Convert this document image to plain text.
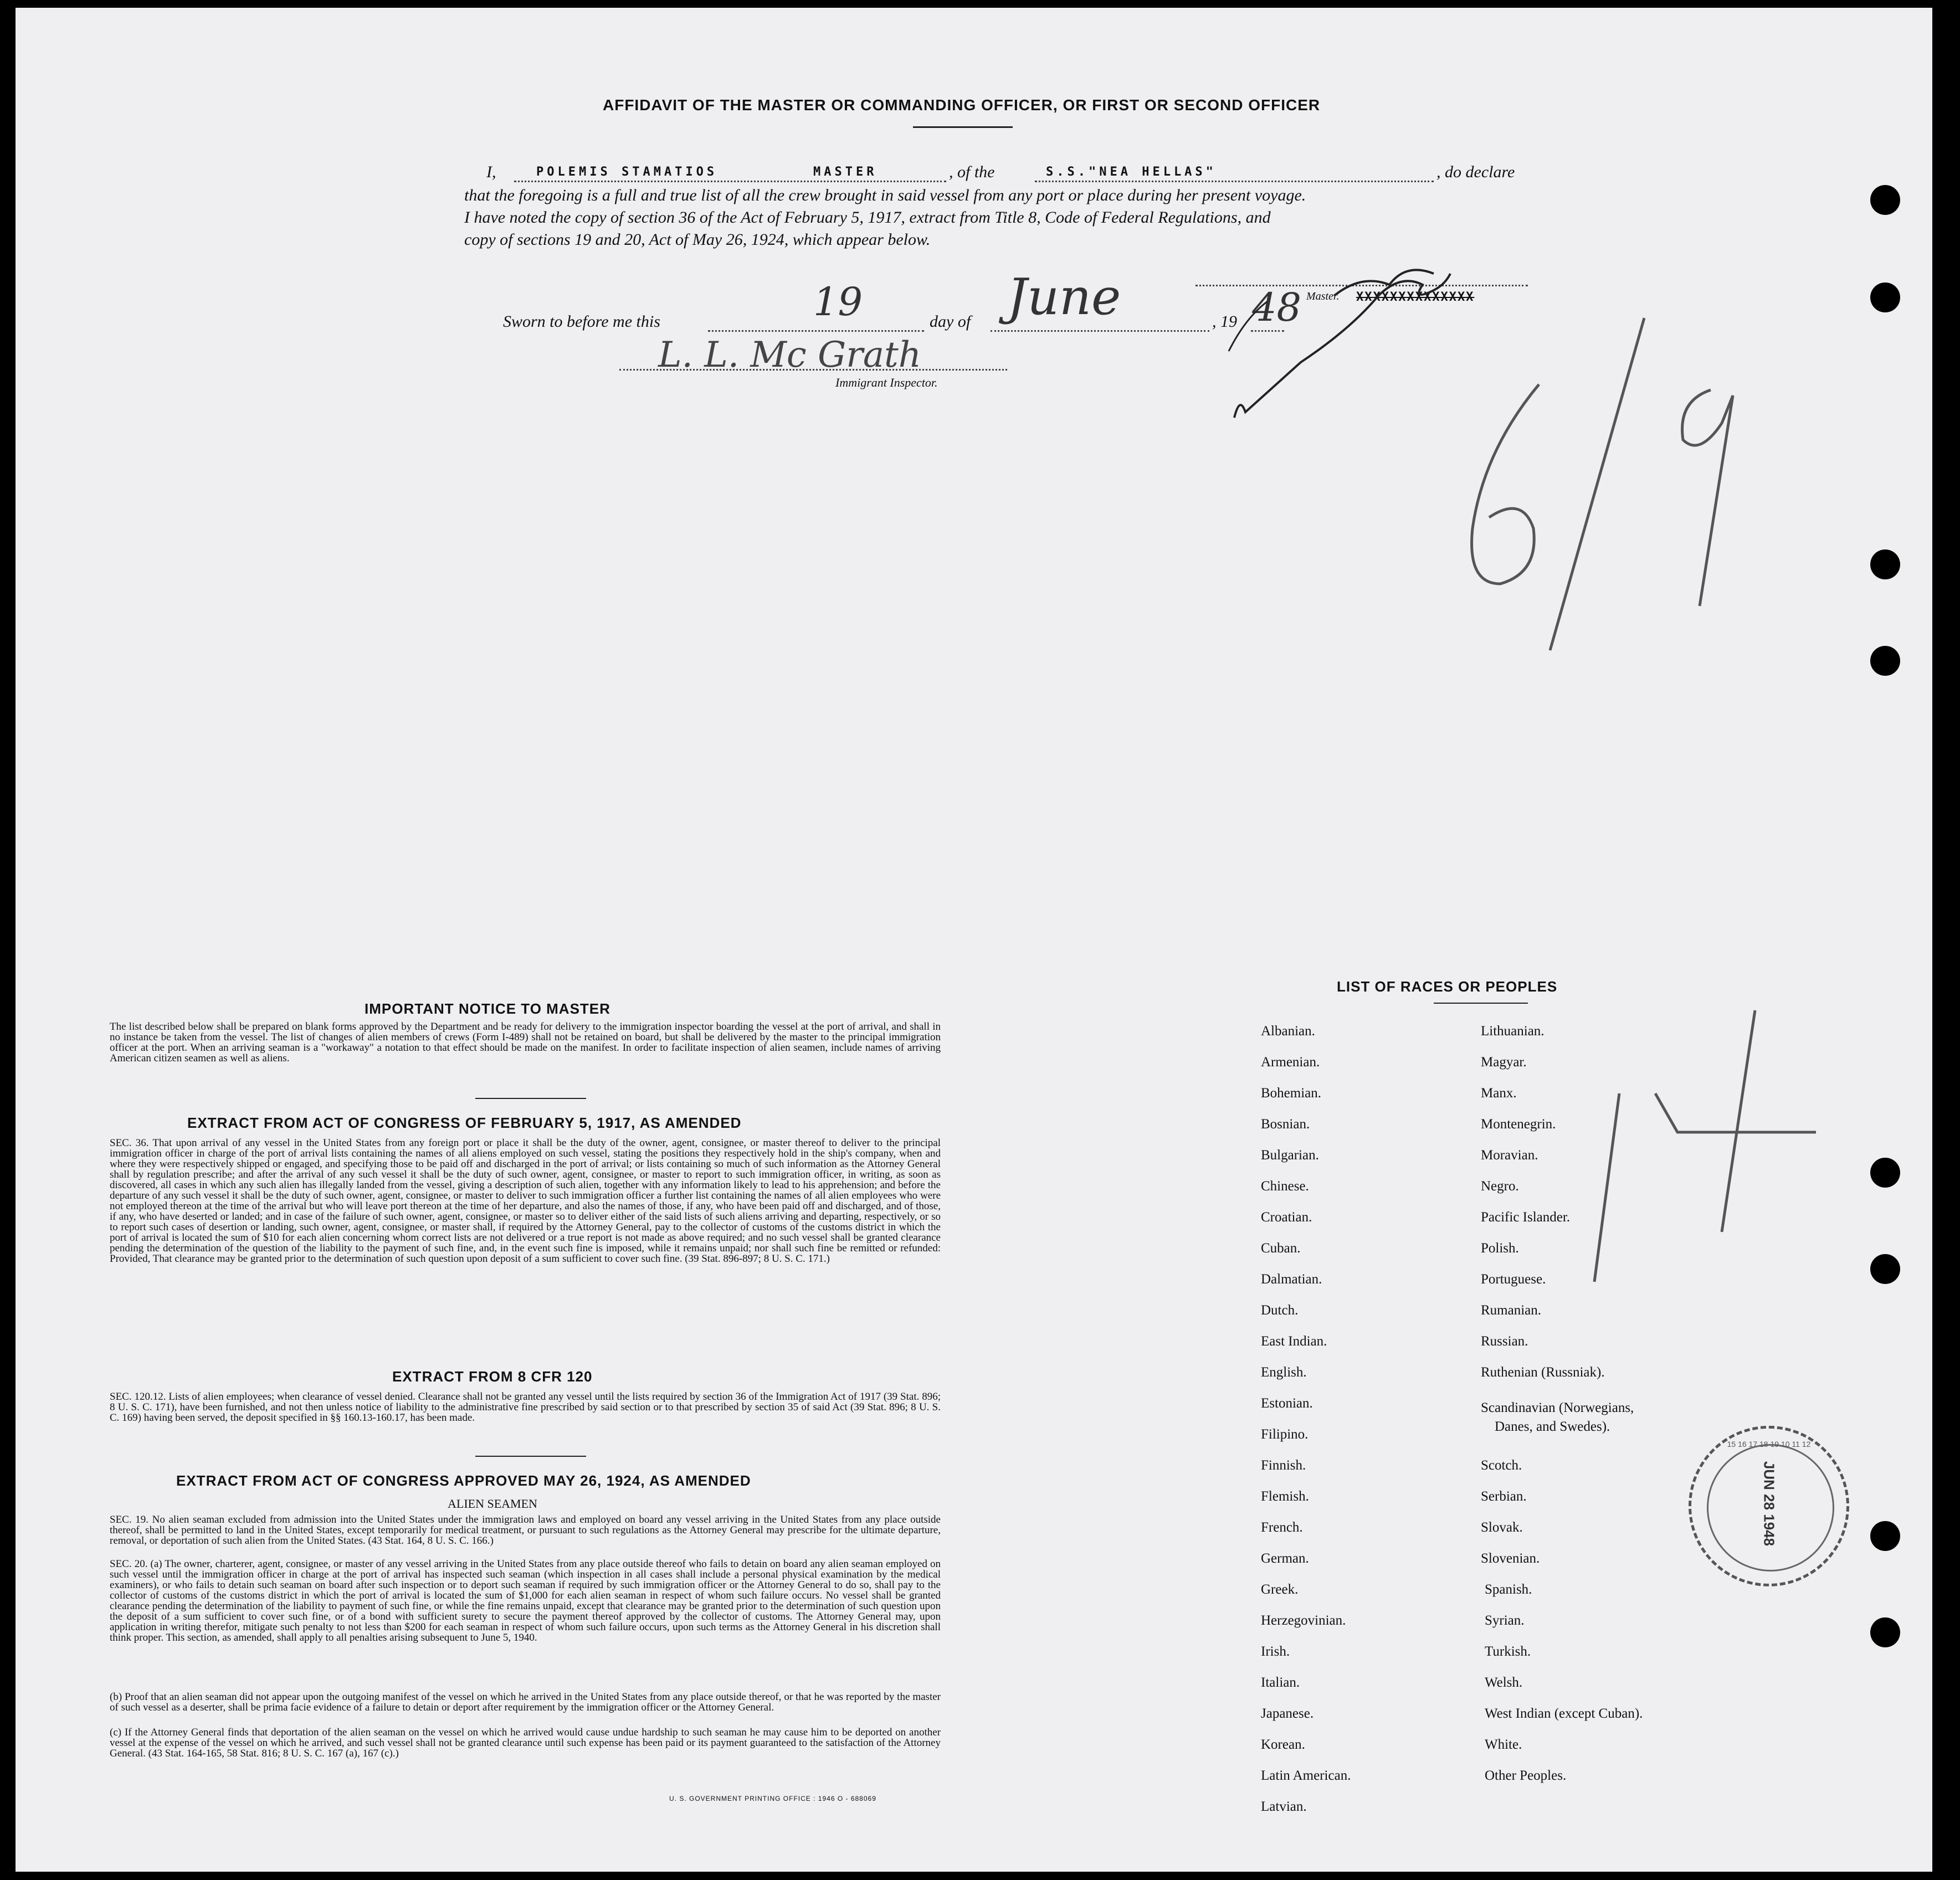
AFFIDAVIT OF THE MASTER OR COMMANDING OFFICER, OR FIRST OR SECOND OFFICER
I,	POLEMIS STAMATIOS	MASTER	, of the	S.S."NEA HELLAS"	, do declare
that the foregoing is a full and true list of all the crew brought in said vessel from any port or place during her present voyage.
I have noted the copy of section 36 of the Act of February 5, 1917, extract from Title 8, Code of Federal Regulations, and
copy of sections 19 and 20, Act of May 26, 1924, which appear below.
Sworn to before me this	19	day of June	, 19 48 Master. XXXXXXXXXXXXXX
L. L. Mc Grath
Immigrant Inspector.
IMPORTANT NOTICE TO MASTER
The list described below shall be prepared on blank forms approved by the Department and be ready for delivery to the immigration inspector boarding the vessel at the port of arrival, and shall in no instance be taken from the vessel. The list of changes of alien members of crews (Form I-489) shall not be retained on board, but shall be delivered by the master to the principal immigration officer at the port. When an arriving seaman is a "workaway" a notation to that effect should be made on the manifest. In order to facilitate inspection of alien seamen, include names of arriving American citizen seamen as well as aliens.
EXTRACT FROM ACT OF CONGRESS OF FEBRUARY 5, 1917, AS AMENDED
SEC. 36. That upon arrival of any vessel in the United States from any foreign port or place it shall be the duty of the owner, agent, consignee, or master thereof to deliver to the principal immigration officer in charge of the port of arrival lists containing the names of all aliens employed on such vessel, stating the positions they respectively hold in the ship's company, when and where they were respectively shipped or engaged, and specifying those to be paid off and discharged in the port of arrival; or lists containing so much of such information as the Attorney General shall by regulation prescribe; and after the arrival of any such vessel it shall be the duty of such owner, agent, consignee, or master to report to such immigration officer, in writing, as soon as discovered, all cases in which any such alien has illegally landed from the vessel, giving a description of such alien, together with any information likely to lead to his apprehension; and before the departure of any such vessel it shall be the duty of such owner, agent, consignee, or master to deliver to such immigration officer a further list containing the names of all alien employees who were not employed thereon at the time of the arrival but who will leave port thereon at the time of her departure, and also the names of those, if any, who have been paid off and discharged, and of those, if any, who have deserted or landed; and in case of the failure of such owner, agent, consignee, or master so to deliver either of the said lists of such aliens arriving and departing, respectively, or so to report such cases of desertion or landing, such owner, agent, consignee, or master shall, if required by the Attorney General, pay to the collector of customs of the customs district in which the port of arrival is located the sum of $10 for each alien concerning whom correct lists are not delivered or a true report is not made as above required; and no such vessel shall be granted clearance pending the determination of the question of the liability to the payment of such fine, and, in the event such fine is imposed, while it remains unpaid; nor shall such fine be remitted or refunded: Provided, That clearance may be granted prior to the determination of such question upon deposit of a sum sufficient to cover such fine. (39 Stat. 896-897; 8 U. S. C. 171.)
EXTRACT FROM 8 CFR 120
SEC. 120.12. Lists of alien employees; when clearance of vessel denied. Clearance shall not be granted any vessel until the lists required by section 36 of the Immigration Act of 1917 (39 Stat. 896; 8 U. S. C. 171), have been furnished, and not then unless notice of liability to the administrative fine prescribed by said section or to that prescribed by section 35 of said Act (39 Stat. 896; 8 U. S. C. 169) having been served, the deposit specified in §§ 160.13-160.17, has been made.
EXTRACT FROM ACT OF CONGRESS APPROVED MAY 26, 1924, AS AMENDED
ALIEN SEAMEN
SEC. 19. No alien seaman excluded from admission into the United States under the immigration laws and employed on board any vessel arriving in the United States from any place outside thereof, shall be permitted to land in the United States, except temporarily for medical treatment, or pursuant to such regulations as the Attorney General may prescribe for the ultimate departure, removal, or deportation of such alien from the United States. (43 Stat. 164, 8 U. S. C. 166.)
SEC. 20. (a) The owner, charterer, agent, consignee, or master of any vessel arriving in the United States from any place outside thereof who fails to detain on board any alien seaman employed on such vessel until the immigration officer in charge at the port of arrival has inspected such seaman (which inspection in all cases shall include a personal physical examination by the medical examiners), or who fails to detain such seaman on board after such inspection or to deport such seaman if required by such immigration officer or the Attorney General to do so, shall pay to the collector of customs of the customs district in which the port of arrival is located the sum of $1,000 for each alien seaman in respect of whom such failure occurs. No vessel shall be granted clearance pending the determination of the liability to payment of such fine, or while the fine remains unpaid, except that clearance may be granted prior to the determination of such question upon the deposit of a sum sufficient to cover such fine, or of a bond with sufficient surety to secure the payment thereof approved by the collector of customs. The Attorney General may, upon application in writing therefor, mitigate such penalty to not less than $200 for each seaman in respect of whom such failure occurs, upon such terms as the Attorney General in his discretion shall think proper. This section, as amended, shall apply to all penalties arising subsequent to June 5, 1940.
(b) Proof that an alien seaman did not appear upon the outgoing manifest of the vessel on which he arrived in the United States from any place outside thereof, or that he was reported by the master of such vessel as a deserter, shall be prima facie evidence of a failure to detain or deport after requirement by the immigration officer or the Attorney General.
(c) If the Attorney General finds that deportation of the alien seaman on the vessel on which he arrived would cause undue hardship to such seaman he may cause him to be deported on another vessel at the expense of the vessel on which he arrived, and such vessel shall not be granted clearance until such expense has been paid or its payment guaranteed to the satisfaction of the Attorney General. (43 Stat. 164-165, 58 Stat. 816; 8 U. S. C. 167 (a), 167 (c).)
U. S. GOVERNMENT PRINTING OFFICE : 1946 O - 688069
LIST OF RACES OR PEOPLES
Albanian.
Armenian.
Bohemian.
Bosnian.
Bulgarian.
Chinese.
Croatian.
Cuban.
Dalmatian.
Dutch.
East Indian.
English.
Estonian.
Filipino.
Finnish.
Flemish.
French.
German.
Greek.
Herzegovinian.
Irish.
Italian.
Japanese.
Korean.
Latin American.
Latvian.
Lithuanian.
Magyar.
Manx.
Montenegrin.
Moravian.
Negro.
Pacific Islander.
Polish.
Portuguese.
Rumanian.
Russian.
Ruthenian (Russniak).
Scandinavian (Norwegians,
Danes, and Swedes).
Scotch.
Serbian.
Slovak.
Slovenian.
Spanish.
Syrian.
Turkish.
Welsh.
West Indian (except Cuban).
White.
Other Peoples.
JUN 28 1948
15 16 17 18 19 10 11 12
